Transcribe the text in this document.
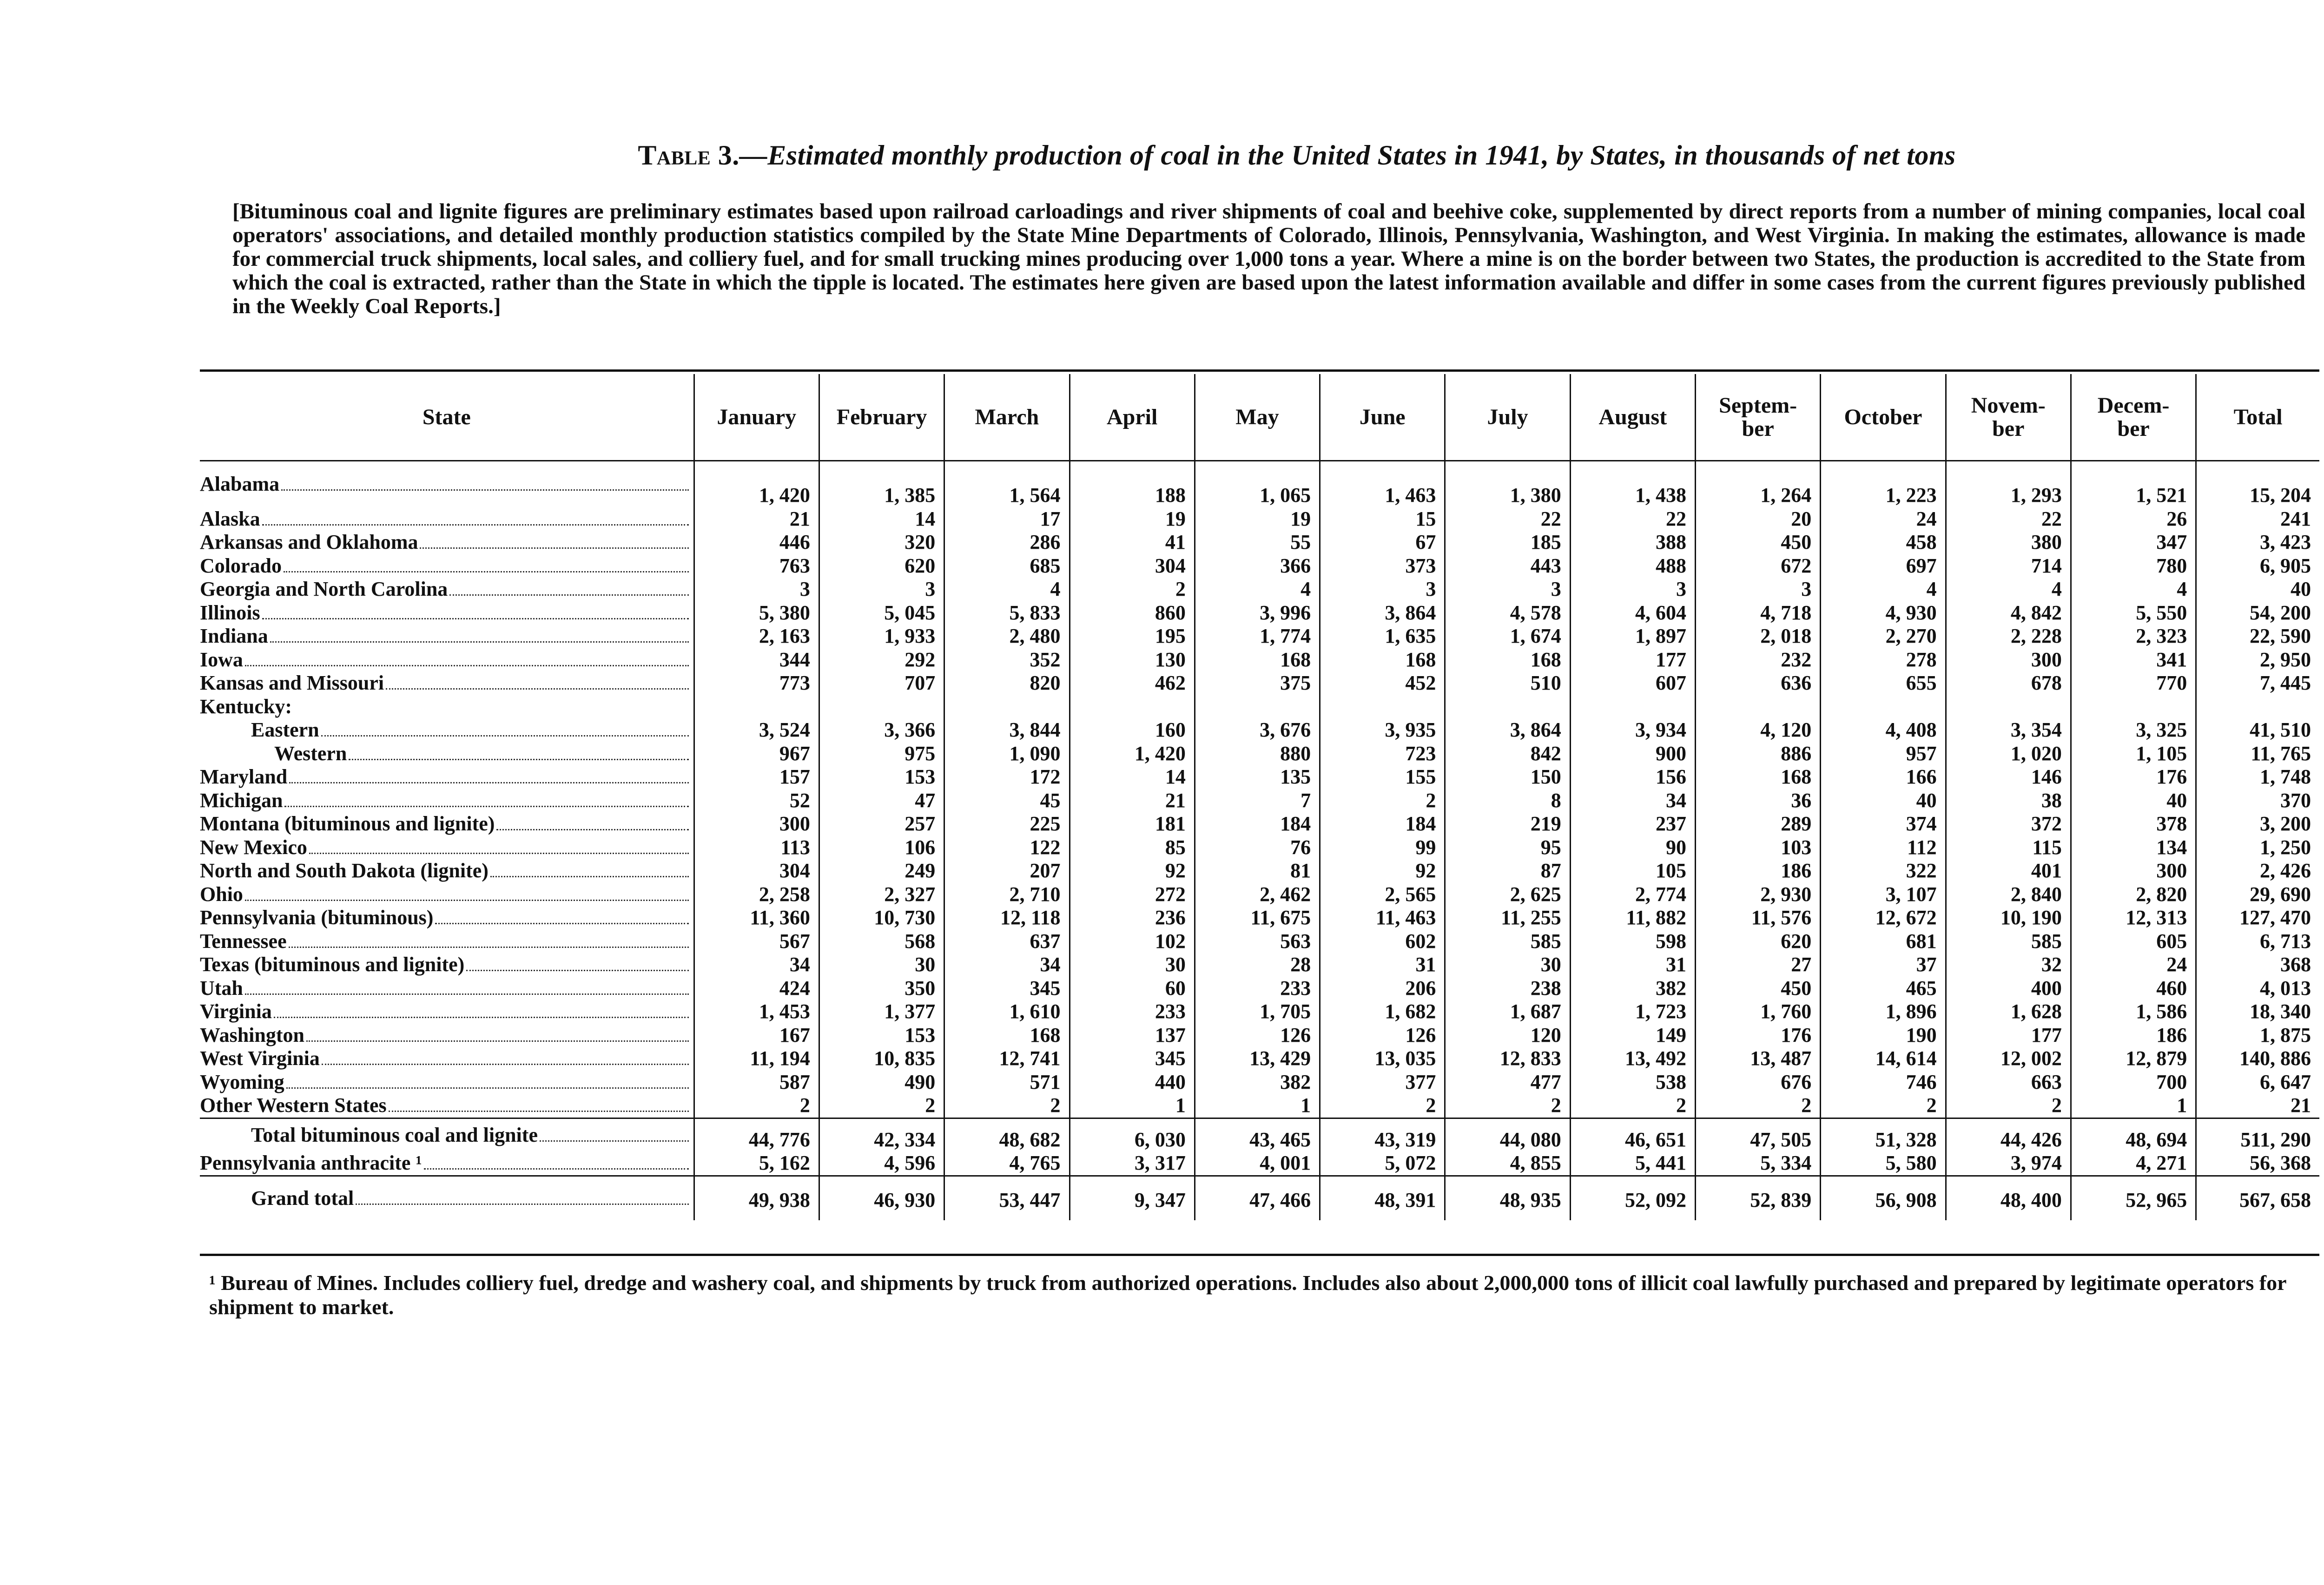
Table 3.—Estimated monthly production of coal in the United States in 1941, by States, in thousands of net tons
[Bituminous coal and lignite figures are preliminary estimates based upon railroad carloadings and river shipments of coal and beehive coke, supplemented by direct reports from a number of mining companies, local coal operators' associations, and detailed monthly production statistics compiled by the State Mine Departments of Colorado, Illinois, Pennsylvania, Washington, and West Virginia. In making the estimates, allowance is made for commercial truck shipments, local sales, and colliery fuel, and for small trucking mines producing over 1,000 tons a year. Where a mine is on the border between two States, the production is accredited to the State from which the coal is extracted, rather than the State in which the tipple is located. The estimates here given are based upon the latest information available and differ in some cases from the current figures previously published in the Weekly Coal Reports.]
State	January	February	March	April	May	June	July	August	Septem-
ber	October	Novem-
ber	Decem-
ber	Total

Alabama	1, 420	1, 385	1, 564	188	1, 065	1, 463	1, 380	1, 438	1, 264	1, 223	1, 293	1, 521	15, 204

Alaska	21	14	17	19	19	15	22	22	20	24	22	26	241

Arkansas and Oklahoma	446	320	286	41	55	67	185	388	450	458	380	347	3, 423

Colorado	763	620	685	304	366	373	443	488	672	697	714	780	6, 905

Georgia and North Carolina	3	3	4	2	4	3	3	3	3	4	4	4	40

Illinois	5, 380	5, 045	5, 833	860	3, 996	3, 864	4, 578	4, 604	4, 718	4, 930	4, 842	5, 550	54, 200

Indiana	2, 163	1, 933	2, 480	195	1, 774	1, 635	1, 674	1, 897	2, 018	2, 270	2, 228	2, 323	22, 590

Iowa	344	292	352	130	168	168	168	177	232	278	300	341	2, 950

Kansas and Missouri	773	707	820	462	375	452	510	607	636	655	678	770	7, 445

Kentucky:													

Eastern	3, 524	3, 366	3, 844	160	3, 676	3, 935	3, 864	3, 934	4, 120	4, 408	3, 354	3, 325	41, 510

Western	967	975	1, 090	1, 420	880	723	842	900	886	957	1, 020	1, 105	11, 765

Maryland	157	153	172	14	135	155	150	156	168	166	146	176	1, 748

Michigan	52	47	45	21	7	2	8	34	36	40	38	40	370

Montana (bituminous and lignite)	300	257	225	181	184	184	219	237	289	374	372	378	3, 200

New Mexico	113	106	122	85	76	99	95	90	103	112	115	134	1, 250

North and South Dakota (lignite)	304	249	207	92	81	92	87	105	186	322	401	300	2, 426

Ohio	2, 258	2, 327	2, 710	272	2, 462	2, 565	2, 625	2, 774	2, 930	3, 107	2, 840	2, 820	29, 690

Pennsylvania (bituminous)	11, 360	10, 730	12, 118	236	11, 675	11, 463	11, 255	11, 882	11, 576	12, 672	10, 190	12, 313	127, 470

Tennessee	567	568	637	102	563	602	585	598	620	681	585	605	6, 713

Texas (bituminous and lignite)	34	30	34	30	28	31	30	31	27	37	32	24	368

Utah	424	350	345	60	233	206	238	382	450	465	400	460	4, 013

Virginia	1, 453	1, 377	1, 610	233	1, 705	1, 682	1, 687	1, 723	1, 760	1, 896	1, 628	1, 586	18, 340

Washington	167	153	168	137	126	126	120	149	176	190	177	186	1, 875

West Virginia	11, 194	10, 835	12, 741	345	13, 429	13, 035	12, 833	13, 492	13, 487	14, 614	12, 002	12, 879	140, 886

Wyoming	587	490	571	440	382	377	477	538	676	746	663	700	6, 647

Other Western States	2	2	2	1	1	2	2	2	2	2	2	1	21

Total bituminous coal and lignite	44, 776	42, 334	48, 682	6, 030	43, 465	43, 319	44, 080	46, 651	47, 505	51, 328	44, 426	48, 694	511, 290

Pennsylvania anthracite ¹	5, 162	4, 596	4, 765	3, 317	4, 001	5, 072	4, 855	5, 441	5, 334	5, 580	3, 974	4, 271	56, 368

Grand total	49, 938	46, 930	53, 447	9, 347	47, 466	48, 391	48, 935	52, 092	52, 839	56, 908	48, 400	52, 965	567, 658
¹ Bureau of Mines. Includes colliery fuel, dredge and washery coal, and shipments by truck from authorized operations. Includes also about 2,000,000 tons of illicit coal lawfully purchased and prepared by legitimate operators for shipment to market.
